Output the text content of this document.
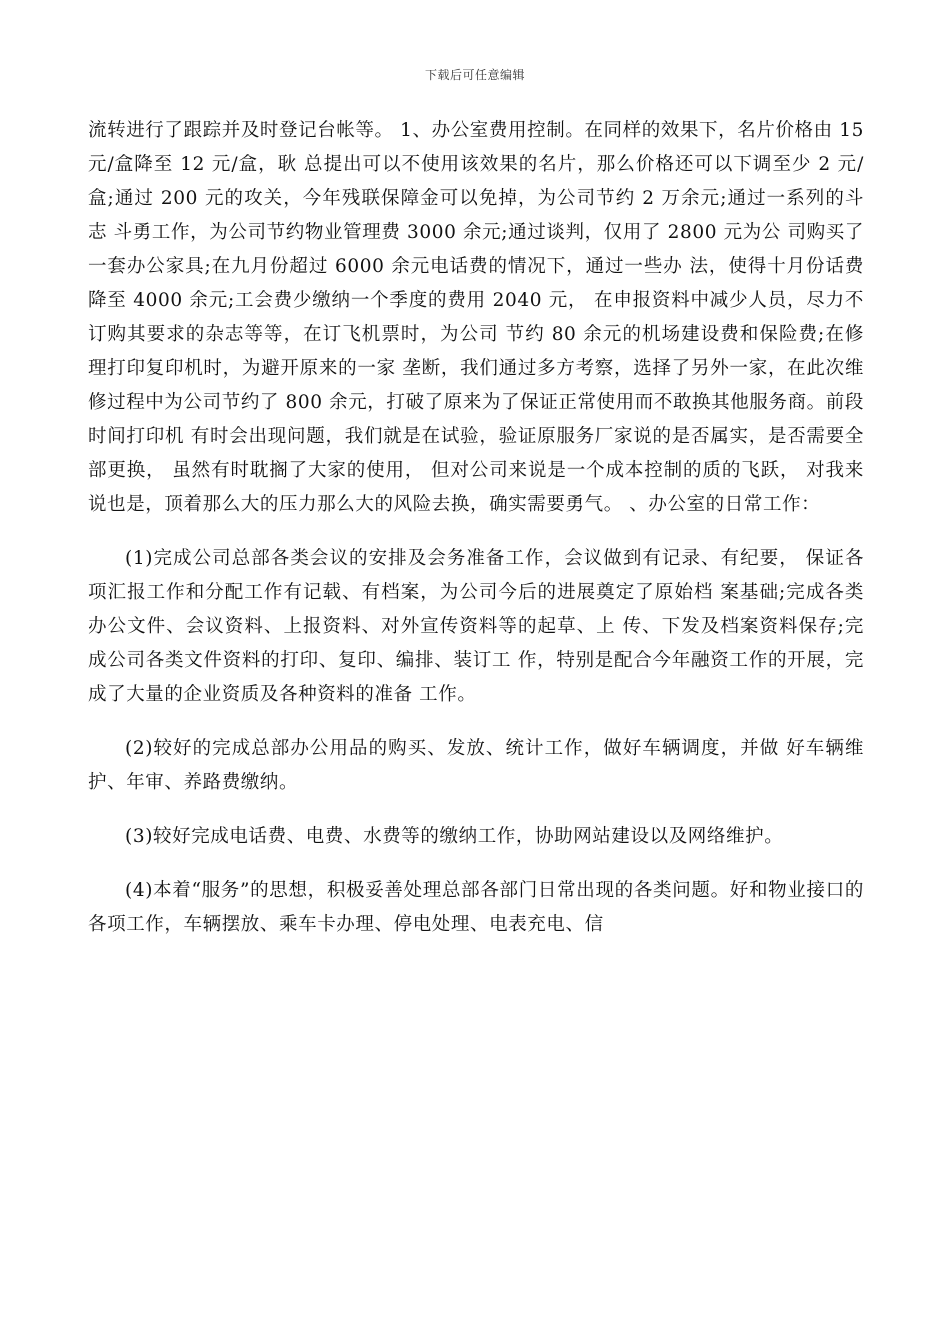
下载后可任意编辑

流转进行了跟踪并及时登记台帐等。 1、办公室费用控制。在同样的效果下，名片价格由 15 元/盒降至 12 元/盒，耿 总提出可以不使用该效果的名片，那么价格还可以下调至少 2 元/盒;通过 200 元的攻关，今年残联保障金可以免掉，为公司节约 2 万余元;通过一系列的斗志 斗勇工作，为公司节约物业管理费 3000 余元;通过谈判，仅用了 2800 元为公 司购买了一套办公家具;在九月份超过 6000 余元电话费的情况下，通过一些办 法，使得十月份话费降至 4000 余元;工会费少缴纳一个季度的费用 2040 元， 在申报资料中减少人员，尽力不订购其要求的杂志等等，在订飞机票时，为公司 节约 80 余元的机场建设费和保险费;在修理打印复印机时，为避开原来的一家 垄断，我们通过多方考察，选择了另外一家，在此次维修过程中为公司节约了 800 余元，打破了原来为了保证正常使用而不敢换其他服务商。前段时间打印机 有时会出现问题，我们就是在试验，验证原服务厂家说的是否属实，是否需要全 部更换， 虽然有时耽搁了大家的使用， 但对公司来说是一个成本控制的质的飞跃， 对我来说也是，顶着那么大的压力那么大的风险去换，确实需要勇气。 、办公室的日常工作：

(1)完成公司总部各类会议的安排及会务准备工作，会议做到有记录、有纪要， 保证各项汇报工作和分配工作有记载、有档案，为公司今后的进展奠定了原始档 案基础;完成各类办公文件、会议资料、上报资料、对外宣传资料等的起草、上 传、下发及档案资料保存;完成公司各类文件资料的打印、复印、编排、装订工 作，特别是配合今年融资工作的开展，完成了大量的企业资质及各种资料的准备 工作。

(2)较好的完成总部办公用品的购买、发放、统计工作，做好车辆调度，并做 好车辆维护、年审、养路费缴纳。

(3)较好完成电话费、电费、水费等的缴纳工作，协助网站建设以及网络维护。

(4)本着“服务”的思想，积极妥善处理总部各部门日常出现的各类问题。好和物业接口的各项工作，车辆摆放、乘车卡办理、停电处理、电表充电、信
